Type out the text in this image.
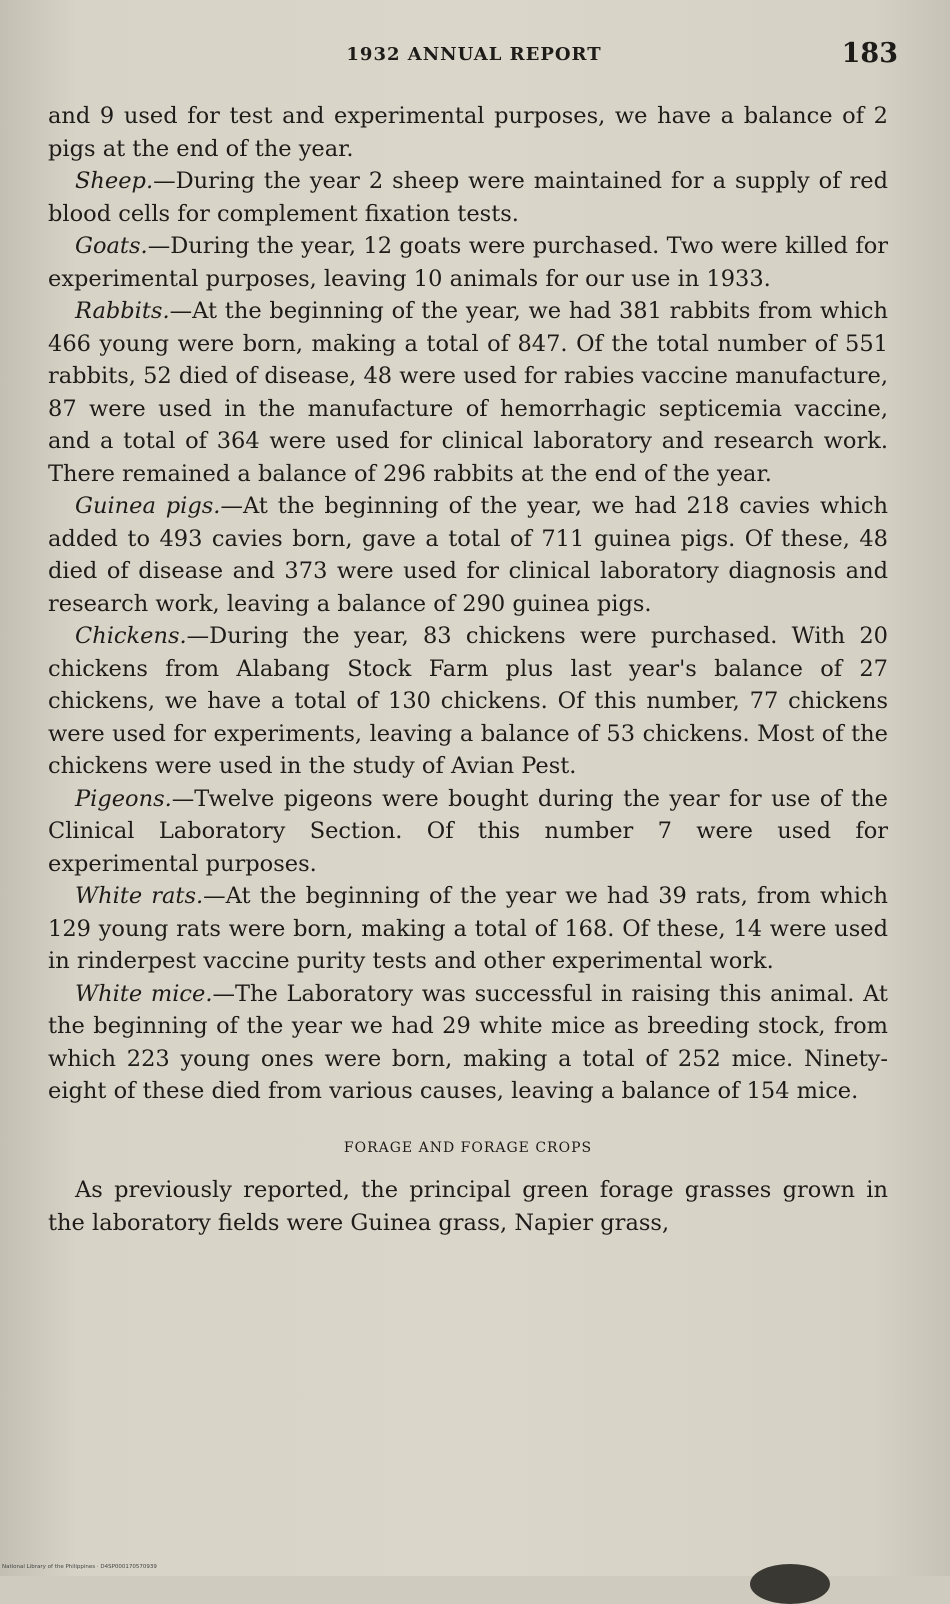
1932 ANNUAL REPORT	183

and 9 used for test and experimental purposes, we have a balance of 2 pigs at the end of the year.

Sheep.—During the year 2 sheep were maintained for a supply of red blood cells for complement fixation tests.

Goats.—During the year, 12 goats were purchased. Two were killed for experimental purposes, leaving 10 animals for our use in 1933.

Rabbits.—At the beginning of the year, we had 381 rabbits from which 466 young were born, making a total of 847. Of the total number of 551 rabbits, 52 died of disease, 48 were used for rabies vaccine manufacture, 87 were used in the manufacture of hemorrhagic septicemia vaccine, and a total of 364 were used for clinical laboratory and research work. There remained a balance of 296 rabbits at the end of the year.

Guinea pigs.—At the beginning of the year, we had 218 cavies which added to 493 cavies born, gave a total of 711 guinea pigs. Of these, 48 died of disease and 373 were used for clinical laboratory diagnosis and research work, leaving a balance of 290 guinea pigs.

Chickens.—During the year, 83 chickens were purchased. With 20 chickens from Alabang Stock Farm plus last year's balance of 27 chickens, we have a total of 130 chickens. Of this number, 77 chickens were used for experiments, leaving a balance of 53 chickens. Most of the chickens were used in the study of Avian Pest.

Pigeons.—Twelve pigeons were bought during the year for use of the Clinical Laboratory Section. Of this number 7 were used for experimental purposes.

White rats.—At the beginning of the year we had 39 rats, from which 129 young rats were born, making a total of 168. Of these, 14 were used in rinderpest vaccine purity tests and other experimental work.

White mice.—The Laboratory was successful in raising this animal. At the beginning of the year we had 29 white mice as breeding stock, from which 223 young ones were born, making a total of 252 mice. Ninety-eight of these died from various causes, leaving a balance of 154 mice.

FORAGE AND FORAGE CROPS

As previously reported, the principal green forage grasses grown in the laboratory fields were Guinea grass, Napier grass,

National Library of the Philippines · D4SP000170570939
